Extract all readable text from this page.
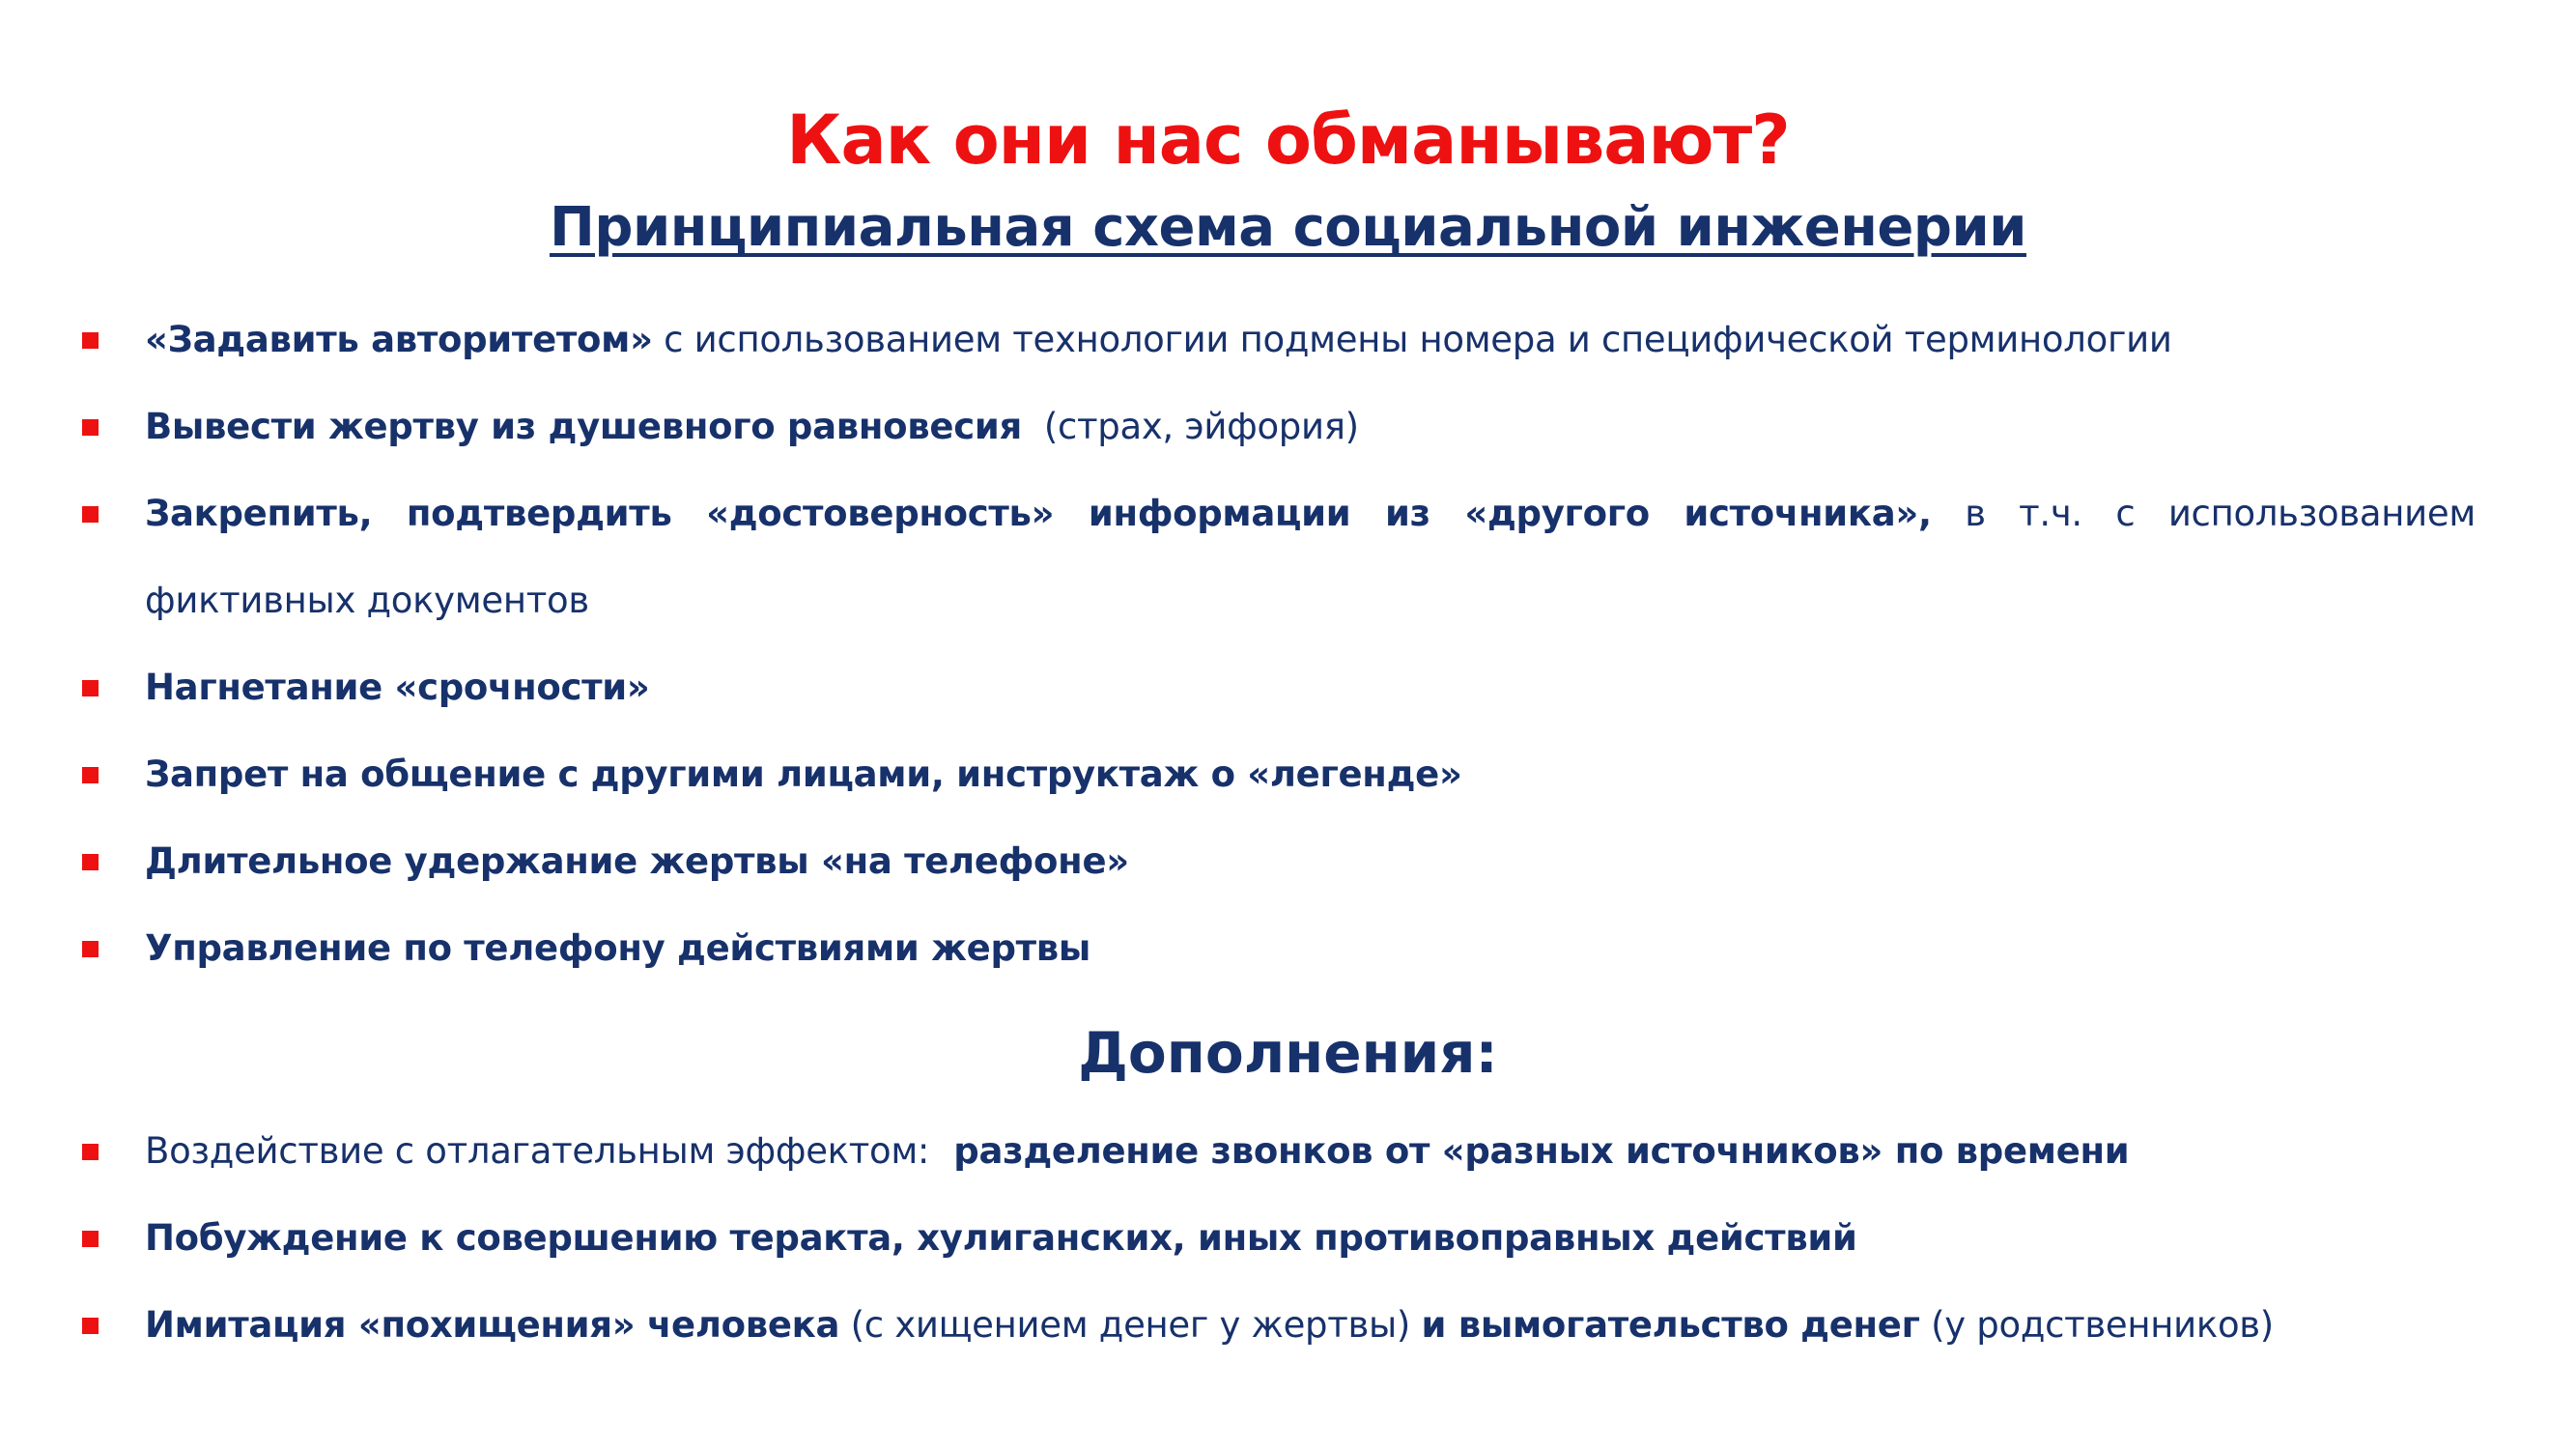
Как они нас обманывают?
Принципиальная схема социальной инженерии
«Задавить авторитетом» с использованием технологии подмены номера и специфической терминологии
Вывести жертву из душевного равновесия  (страх, эйфория)
Закрепить, подтвердить «достоверность» информации из «другого источника», в т.ч. с использованием
фиктивных документов
Нагнетание «срочности»
Запрет на общение с другими лицами, инструктаж о «легенде»
Длительное удержание жертвы «на телефоне»
Управление по телефону действиями жертвы
Дополнения:
Воздействие с отлагательным эффектом:  разделение звонков от «разных источников» по времени
Побуждение к совершению теракта, хулиганских, иных противоправных действий
Имитация «похищения» человека (с хищением денег у жертвы) и вымогательство денег (у родственников)
